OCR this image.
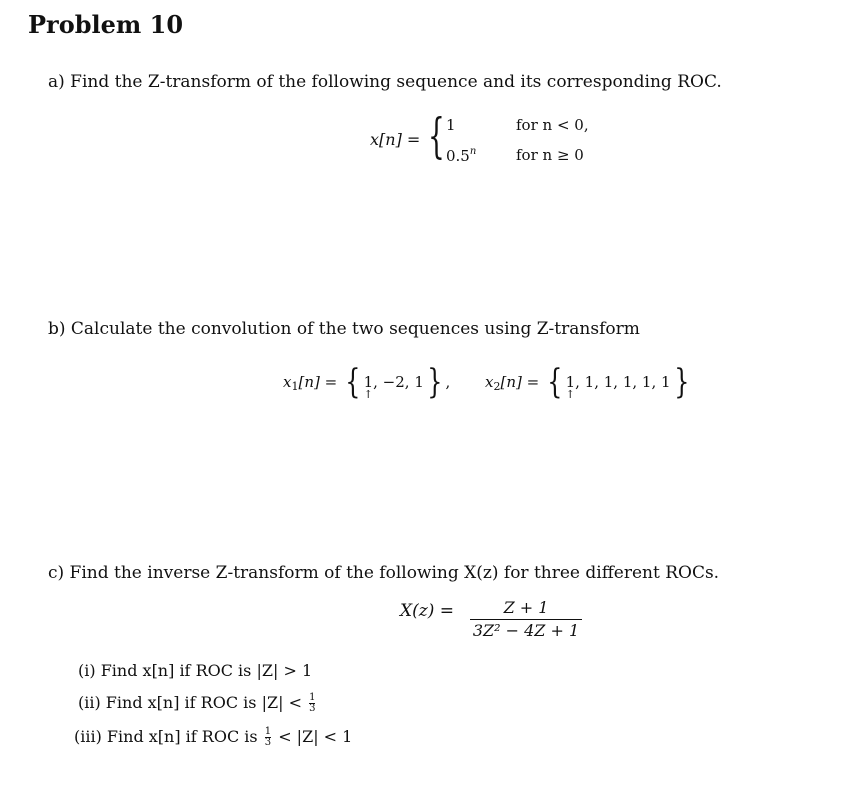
Problem 10
a) Find the Z-transform of the following sequence and its corresponding ROC.
x[n] = { 1
0.5$^n$
for n < 0,
for n ≥ 0
b) Calculate the convolution of the two sequences using Z-transform
$x_1[n]$ = { 1
↑
, −2, 1} , $x_2[n]$ = { 1
↑
, 1, 1, 1, 1, 1}
c) Find the inverse Z-transform of the following X(z) for three different ROCs.
X(z) =	Z + 1
3Z² − 4Z + 1
(i) Find x[n] if ROC is |Z| > 1
(ii) Find x[n] if ROC is $|Z| < \frac{1}{3}$
(iii) Find x[n] if ROC is $\frac{1}{3} < |Z| < 1$
